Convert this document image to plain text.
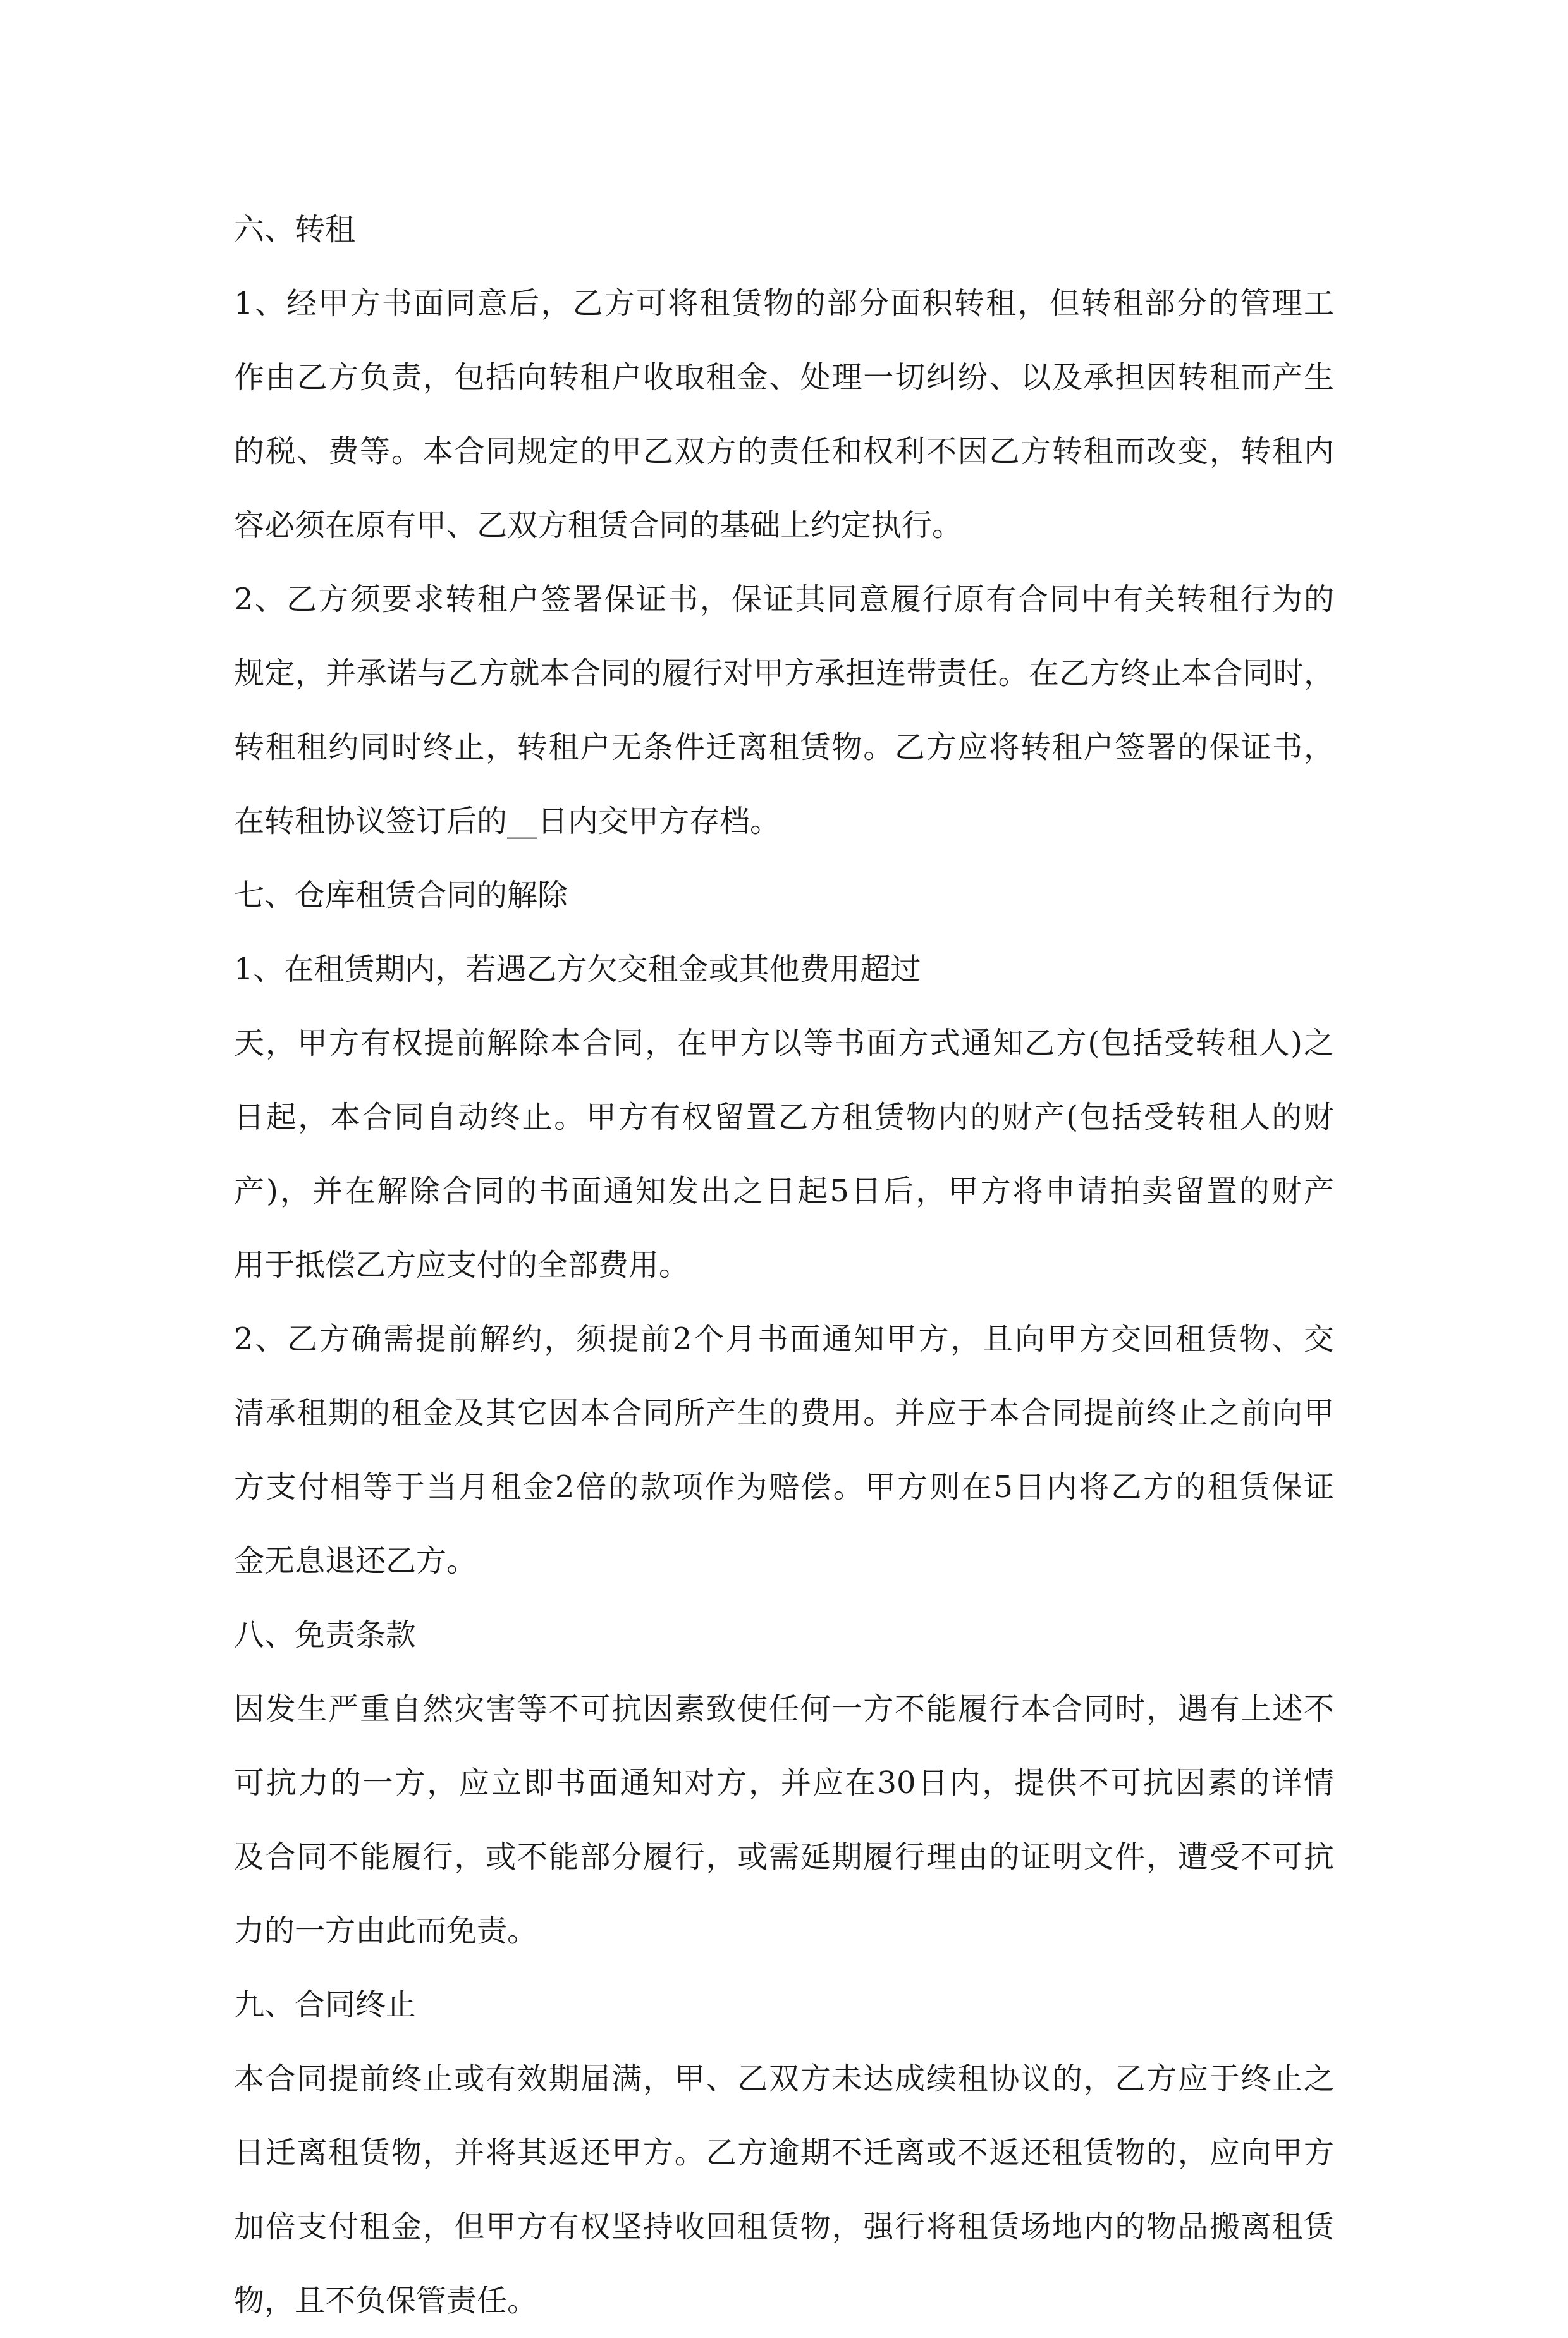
六、转租
1、经甲方书面同意后，乙方可将租赁物的部分面积转租，但转租部分的管理工
作由乙方负责，包括向转租户收取租金、处理一切纠纷、以及承担因转租而产生
的税、费等。本合同规定的甲乙双方的责任和权利不因乙方转租而改变，转租内
容必须在原有甲、乙双方租赁合同的基础上约定执行。
2、乙方须要求转租户签署保证书，保证其同意履行原有合同中有关转租行为的
规定，并承诺与乙方就本合同的履行对甲方承担连带责任。在乙方终止本合同时，
转租租约同时终止，转租户无条件迁离租赁物。乙方应将转租户签署的保证书，
在转租协议签订后的__日内交甲方存档。
七、仓库租赁合同的解除
1、在租赁期内，若遇乙方欠交租金或其他费用超过
天，甲方有权提前解除本合同，在甲方以等书面方式通知乙方(包括受转租人)之
日起，本合同自动终止。甲方有权留置乙方租赁物内的财产(包括受转租人的财
产)，并在解除合同的书面通知发出之日起5日后，甲方将申请拍卖留置的财产
用于抵偿乙方应支付的全部费用。
2、乙方确需提前解约，须提前2个月书面通知甲方，且向甲方交回租赁物、交
清承租期的租金及其它因本合同所产生的费用。并应于本合同提前终止之前向甲
方支付相等于当月租金2倍的款项作为赔偿。甲方则在5日内将乙方的租赁保证
金无息退还乙方。
八、免责条款
因发生严重自然灾害等不可抗因素致使任何一方不能履行本合同时，遇有上述不
可抗力的一方，应立即书面通知对方，并应在30日内，提供不可抗因素的详情
及合同不能履行，或不能部分履行，或需延期履行理由的证明文件，遭受不可抗
力的一方由此而免责。
九、合同终止
本合同提前终止或有效期届满，甲、乙双方未达成续租协议的，乙方应于终止之
日迁离租赁物，并将其返还甲方。乙方逾期不迁离或不返还租赁物的，应向甲方
加倍支付租金，但甲方有权坚持收回租赁物，强行将租赁场地内的物品搬离租赁
物，且不负保管责任。
